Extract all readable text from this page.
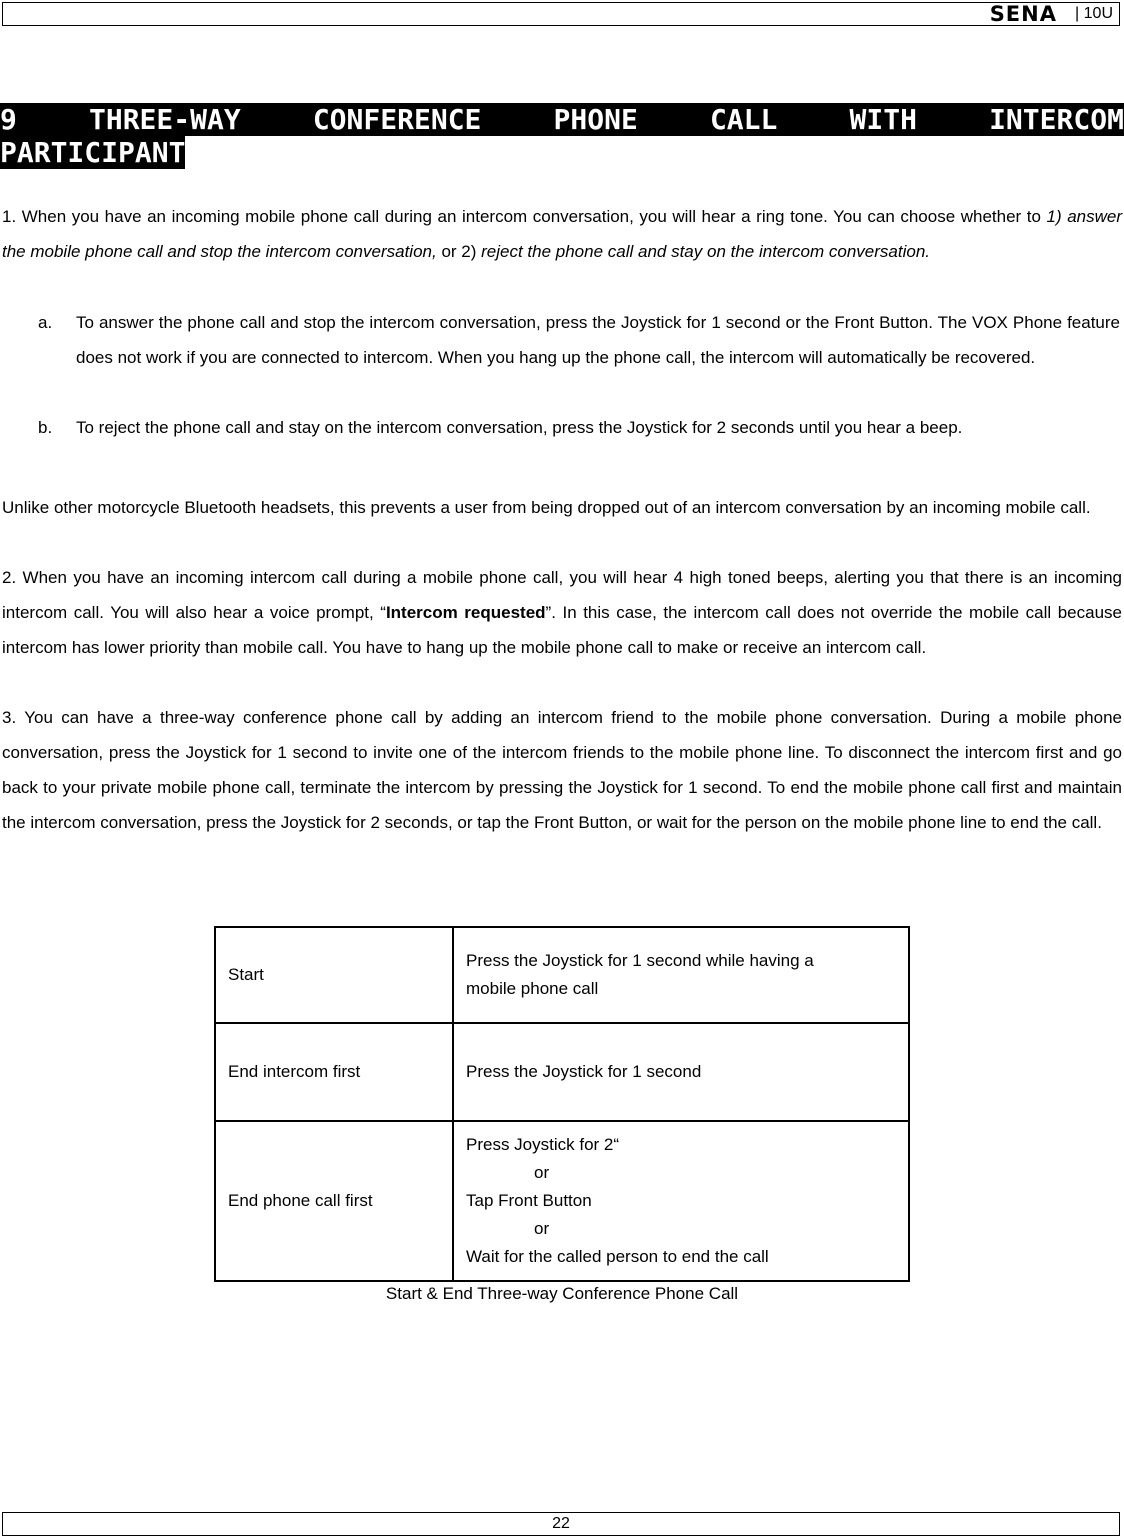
SENA | 10U
9	THREE-WAY	CONFERENCE	PHONE	CALL	WITH	INTERCOM
PARTICIPANT

1. When you have an incoming mobile phone call during an intercom conversation, you will hear a ring tone. You can choose whether to 1) answer the mobile phone call and stop the intercom conversation, or 2) reject the phone call and stay on the intercom conversation.

a. To answer the phone call and stop the intercom conversation, press the Joystick for 1 second or the Front Button. The VOX Phone feature does not work if you are connected to intercom. When you hang up the phone call, the intercom will automatically be recovered.
b. To reject the phone call and stay on the intercom conversation, press the Joystick for 2 seconds until you hear a beep.

Unlike other motorcycle Bluetooth headsets, this prevents a user from being dropped out of an intercom conversation by an incoming mobile call.

2. When you have an incoming intercom call during a mobile phone call, you will hear 4 high toned beeps, alerting you that there is an incoming intercom call. You will also hear a voice prompt, “Intercom requested”. In this case, the intercom call does not override the mobile call because intercom has lower priority than mobile call. You have to hang up the mobile phone call to make or receive an intercom call.

3. You can have a three-way conference phone call by adding an intercom friend to the mobile phone conversation. During a mobile phone conversation, press the Joystick for 1 second to invite one of the intercom friends to the mobile phone line. To disconnect the intercom first and go back to your private mobile phone call, terminate the intercom by pressing the Joystick for 1 second. To end the mobile phone call first and maintain the intercom conversation, press the Joystick for 2 seconds, or tap the Front Button, or wait for the person on the mobile phone line to end the call.

Start	Press the Joystick for 1 second while having a
mobile phone call

End intercom first	Press the Joystick for 1 second

End phone call first	Press Joystick for 2“
or
Tap Front Button
or
Wait for the called person to end the call
Start & End Three-way Conference Phone Call
22
